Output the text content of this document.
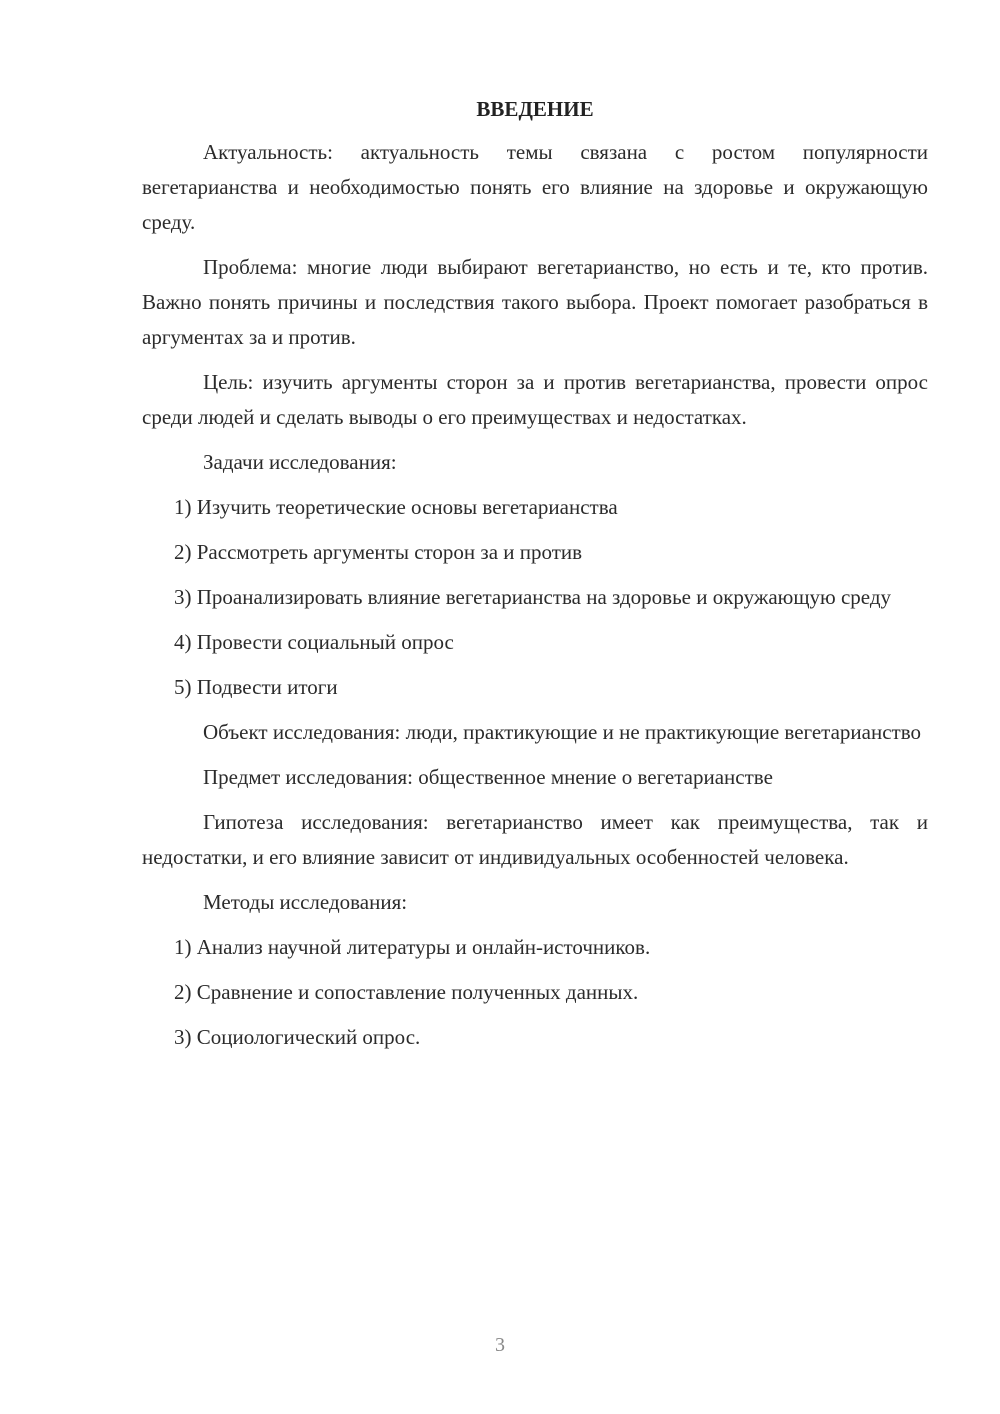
ВВЕДЕНИЕ

Актуальность: актуальность темы связана с ростом популярности вегетарианства и необходимостью понять его влияние на здоровье и окружающую среду.

Проблема: многие люди выбирают вегетарианство, но есть и те, кто против. Важно понять причины и последствия такого выбора. Проект помогает разобраться в аргументах за и против.

Цель: изучить аргументы сторон за и против вегетарианства, провести опрос среди людей и сделать выводы о его преимуществах и недостатках.

Задачи исследования:

1) Изучить теоретические основы вегетарианства

2) Рассмотреть аргументы сторон за и против

3) Проанализировать влияние вегетарианства на здоровье и окружающую среду

4) Провести социальный опрос

5) Подвести итоги

Объект исследования: люди, практикующие и не практикующие вегетарианство

Предмет исследования: общественное мнение о вегетарианстве

Гипотеза исследования: вегетарианство имеет как преимущества, так и недостатки, и его влияние зависит от индивидуальных особенностей человека.

Методы исследования:

1) Анализ научной литературы и онлайн-источников.

2) Сравнение и сопоставление полученных данных.

3) Социологический опрос.

3
